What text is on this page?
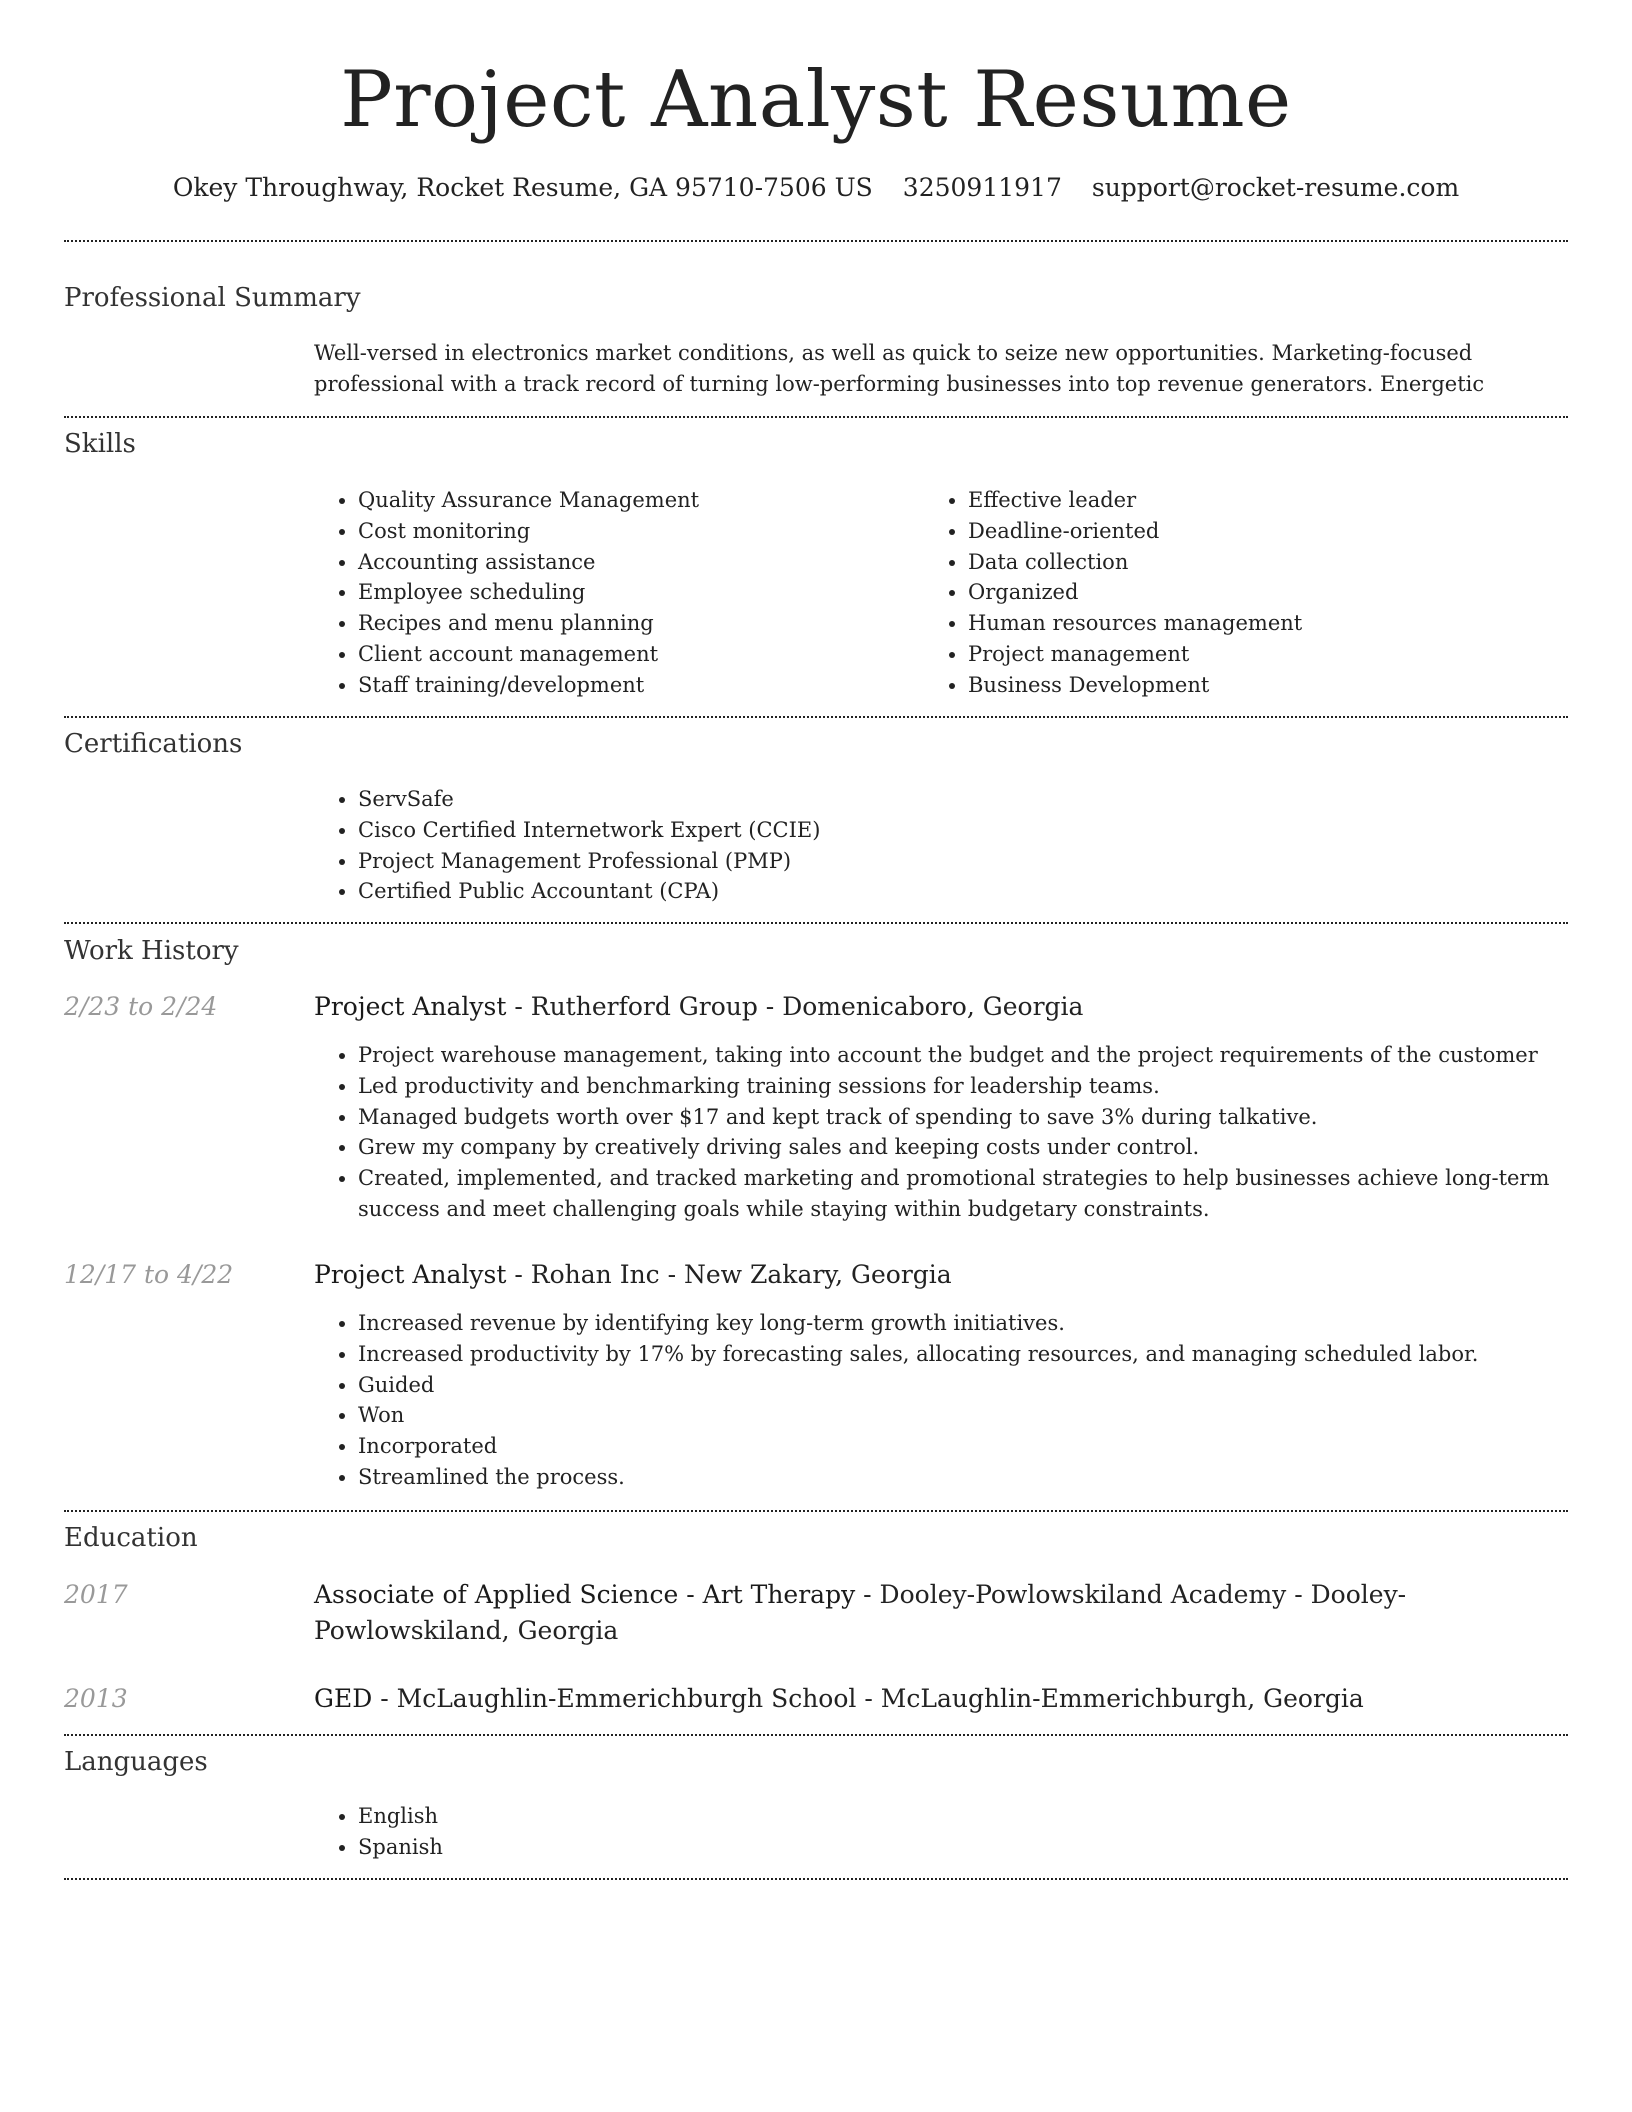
Project Analyst Resume
Okey Throughway, Rocket Resume, GA 95710-7506 US 3250911917 support@rocket-resume.com
Professional Summary
Well-versed in electronics market conditions, as well as quick to seize new opportunities. Marketing-focused professional with a track record of turning low-performing businesses into top revenue generators. Energetic
Skills
• Quality Assurance Management
• Cost monitoring
• Accounting assistance
• Employee scheduling
• Recipes and menu planning
• Client account management
• Staff training/development
• Effective leader
• Deadline-oriented
• Data collection
• Organized
• Human resources management
• Project management
• Business Development
Certifications
• ServSafe
• Cisco Certified Internetwork Expert (CCIE)
• Project Management Professional (PMP)
• Certified Public Accountant (CPA)
Work History
2/23 to 2/24	Project Analyst - Rutherford Group - Domenicaboro, Georgia
• Project warehouse management, taking into account the budget and the project requirements of the customer
• Led productivity and benchmarking training sessions for leadership teams.
• Managed budgets worth over $17 and kept track of spending to save 3% during talkative.
• Grew my company by creatively driving sales and keeping costs under control.
• Created, implemented, and tracked marketing and promotional strategies to help businesses achieve long-term success and meet challenging goals while staying within budgetary constraints.
12/17 to 4/22	Project Analyst - Rohan Inc - New Zakary, Georgia
• Increased revenue by identifying key long-term growth initiatives.
• Increased productivity by 17% by forecasting sales, allocating resources, and managing scheduled labor.
• Guided
• Won
• Incorporated
• Streamlined the process.
Education
2017	Associate of Applied Science - Art Therapy - Dooley-Powlowskiland Academy - Dooley-Powlowskiland, Georgia
2013	GED - McLaughlin-Emmerichburgh School - McLaughlin-Emmerichburgh, Georgia
Languages
• English
• Spanish
